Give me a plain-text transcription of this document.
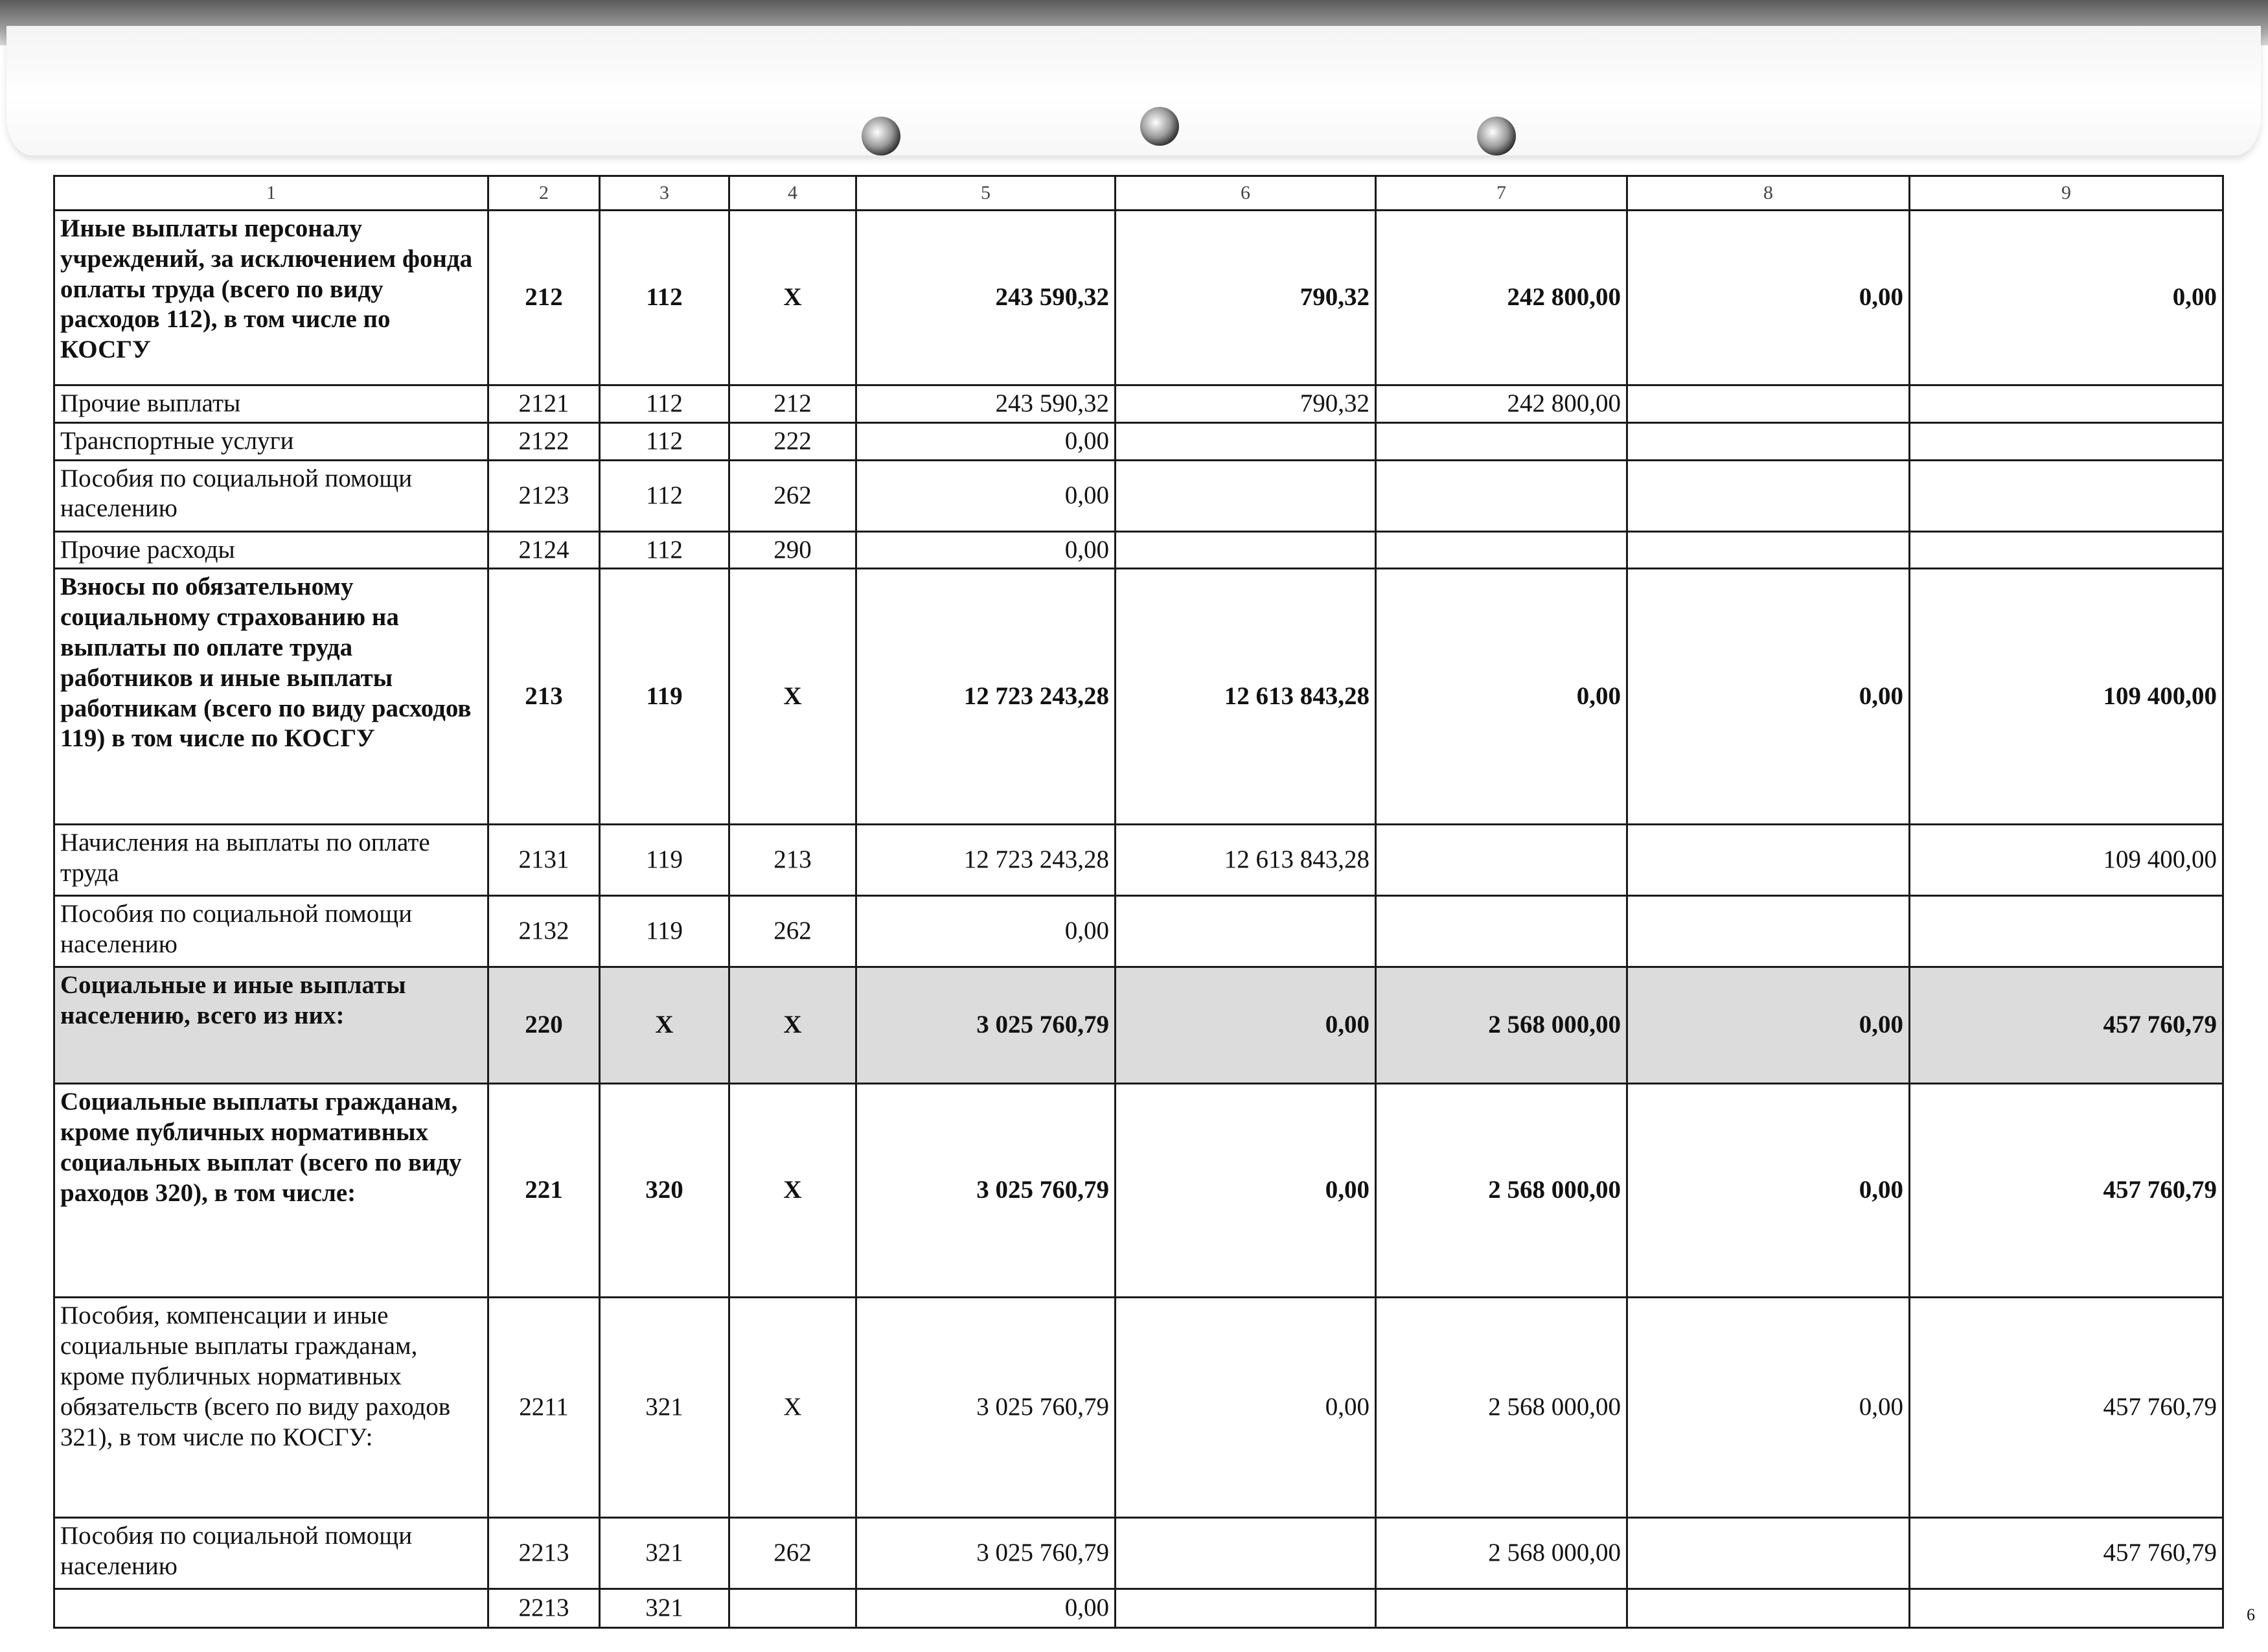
1	2	3	4	5	6	7	8	9
Иные выплаты персоналу учреждений, за исключением фонда оплаты труда (всего по виду расходов 112), в том числе по КОСГУ	212	112	X	243 590,32	790,32	242 800,00	0,00	0,00
Прочие выплаты	2121	112	212	243 590,32	790,32	242 800,00		
Транспортные услуги	2122	112	222	0,00				
Пособия по социальной помощи населению	2123	112	262	0,00				
Прочие расходы	2124	112	290	0,00				
Взносы по обязательному социальному страхованию на выплаты по оплате труда работников и иные выплаты работникам (всего по виду расходов 119) в том числе по КОСГУ	213	119	X	12 723 243,28	12 613 843,28	0,00	0,00	109 400,00
Начисления на выплаты по оплате труда	2131	119	213	12 723 243,28	12 613 843,28			109 400,00
Пособия по социальной помощи населению	2132	119	262	0,00				
Социальные и иные выплаты населению, всего из них:	220	X	X	3 025 760,79	0,00	2 568 000,00	0,00	457 760,79
Социальные выплаты гражданам, кроме публичных нормативных социальных выплат (всего по виду раходов 320), в том числе:	221	320	X	3 025 760,79	0,00	2 568 000,00	0,00	457 760,79
Пособия, компенсации и иные социальные выплаты гражданам, кроме публичных нормативных обязательств (всего по виду раходов 321), в том числе по КОСГУ:	2211	321	X	3 025 760,79	0,00	2 568 000,00	0,00	457 760,79
Пособия по социальной помощи населению	2213	321	262	3 025 760,79		2 568 000,00		457 760,79
	2213	321		0,00					6
